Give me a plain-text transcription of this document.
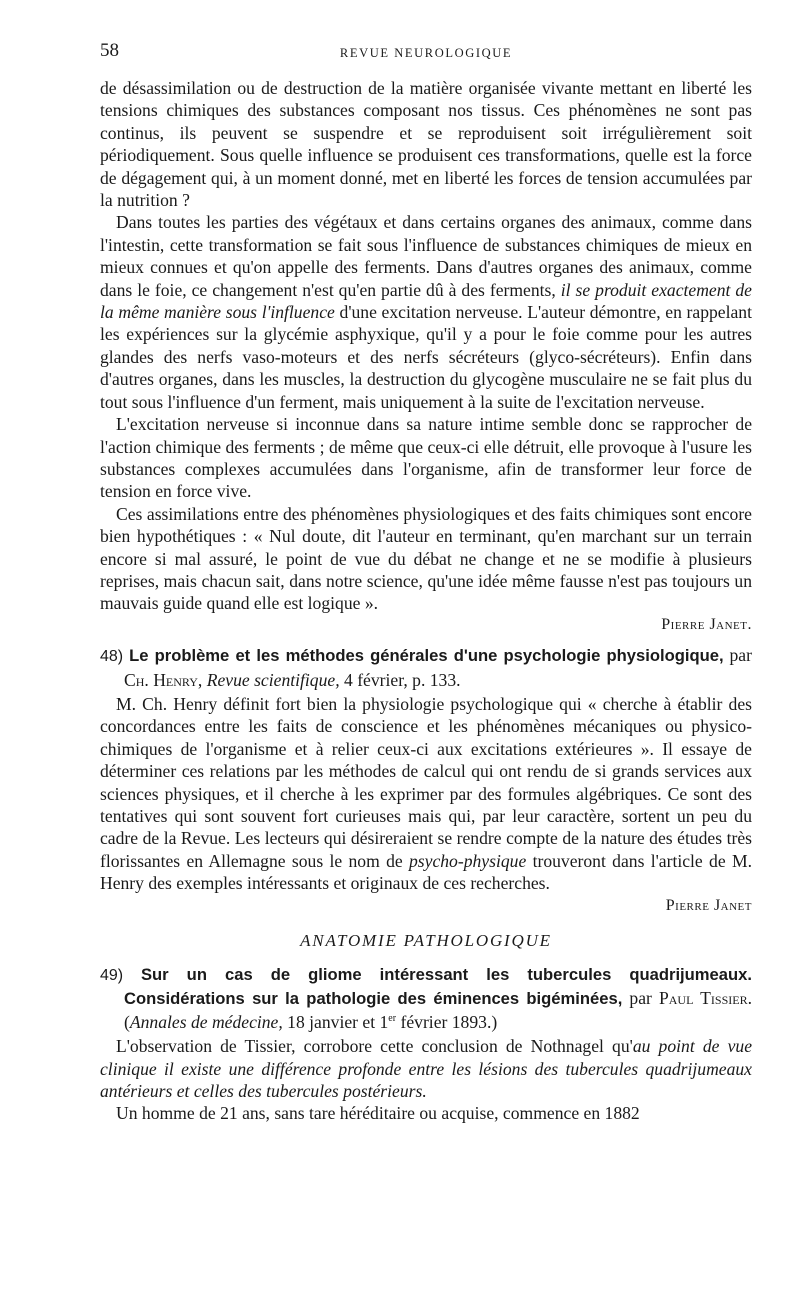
58	REVUE NEUROLOGIQUE

de désassimilation ou de destruction de la matière organisée vivante mettant en liberté les tensions chimiques des substances composant nos tissus. Ces phénomènes ne sont pas continus, ils peuvent se suspendre et se reproduisent soit irrégulièrement soit périodiquement. Sous quelle influence se produisent ces transformations, quelle est la force de dégagement qui, à un moment donné, met en liberté les forces de tension accumulées par la nutrition ?

Dans toutes les parties des végétaux et dans certains organes des animaux, comme dans l'intestin, cette transformation se fait sous l'influence de substances chimiques de mieux en mieux connues et qu'on appelle des ferments. Dans d'autres organes des animaux, comme dans le foie, ce changement n'est qu'en partie dû à des ferments, il se produit exactement de la même manière sous l'influence d'une excitation nerveuse. L'auteur démontre, en rappelant les expériences sur la glycémie asphyxique, qu'il y a pour le foie comme pour les autres glandes des nerfs vaso-moteurs et des nerfs sécréteurs (glyco-sécréteurs). Enfin dans d'autres organes, dans les muscles, la destruction du glycogène musculaire ne se fait plus du tout sous l'influence d'un ferment, mais uniquement à la suite de l'excitation nerveuse.

L'excitation nerveuse si inconnue dans sa nature intime semble donc se rapprocher de l'action chimique des ferments ; de même que ceux-ci elle détruit, elle provoque à l'usure les substances complexes accumulées dans l'organisme, afin de transformer leur force de tension en force vive.

Ces assimilations entre des phénomènes physiologiques et des faits chimiques sont encore bien hypothétiques : « Nul doute, dit l'auteur en terminant, qu'en marchant sur un terrain encore si mal assuré, le point de vue du débat ne change et ne se modifie à plusieurs reprises, mais chacun sait, dans notre science, qu'une idée même fausse n'est pas toujours un mauvais guide quand elle est logique ».

Pierre Janet.

48) Le problème et les méthodes générales d'une psychologie physiologique, par Ch. Henry, Revue scientifique, 4 février, p. 133.

M. Ch. Henry définit fort bien la physiologie psychologique qui « cherche à établir des concordances entre les faits de conscience et les phénomènes mécaniques ou physico-chimiques de l'organisme et à relier ceux-ci aux excitations extérieures ». Il essaye de déterminer ces relations par les méthodes de calcul qui ont rendu de si grands services aux sciences physiques, et il cherche à les exprimer par des formules algébriques. Ce sont des tentatives qui sont souvent fort curieuses mais qui, par leur caractère, sortent un peu du cadre de la Revue. Les lecteurs qui désireraient se rendre compte de la nature des études très florissantes en Allemagne sous le nom de psycho-physique trouveront dans l'article de M. Henry des exemples intéressants et originaux de ces recherches.

Pierre Janet
ANATOMIE PATHOLOGIQUE

49) Sur un cas de gliome intéressant les tubercules quadrijumeaux. Considérations sur la pathologie des éminences bigéminées, par Paul Tissier. (Annales de médecine, 18 janvier et 1er février 1893.)

L'observation de Tissier, corrobore cette conclusion de Nothnagel qu'au point de vue clinique il existe une différence profonde entre les lésions des tubercules quadrijumeaux antérieurs et celles des tubercules postérieurs.

Un homme de 21 ans, sans tare héréditaire ou acquise, commence en 1882
